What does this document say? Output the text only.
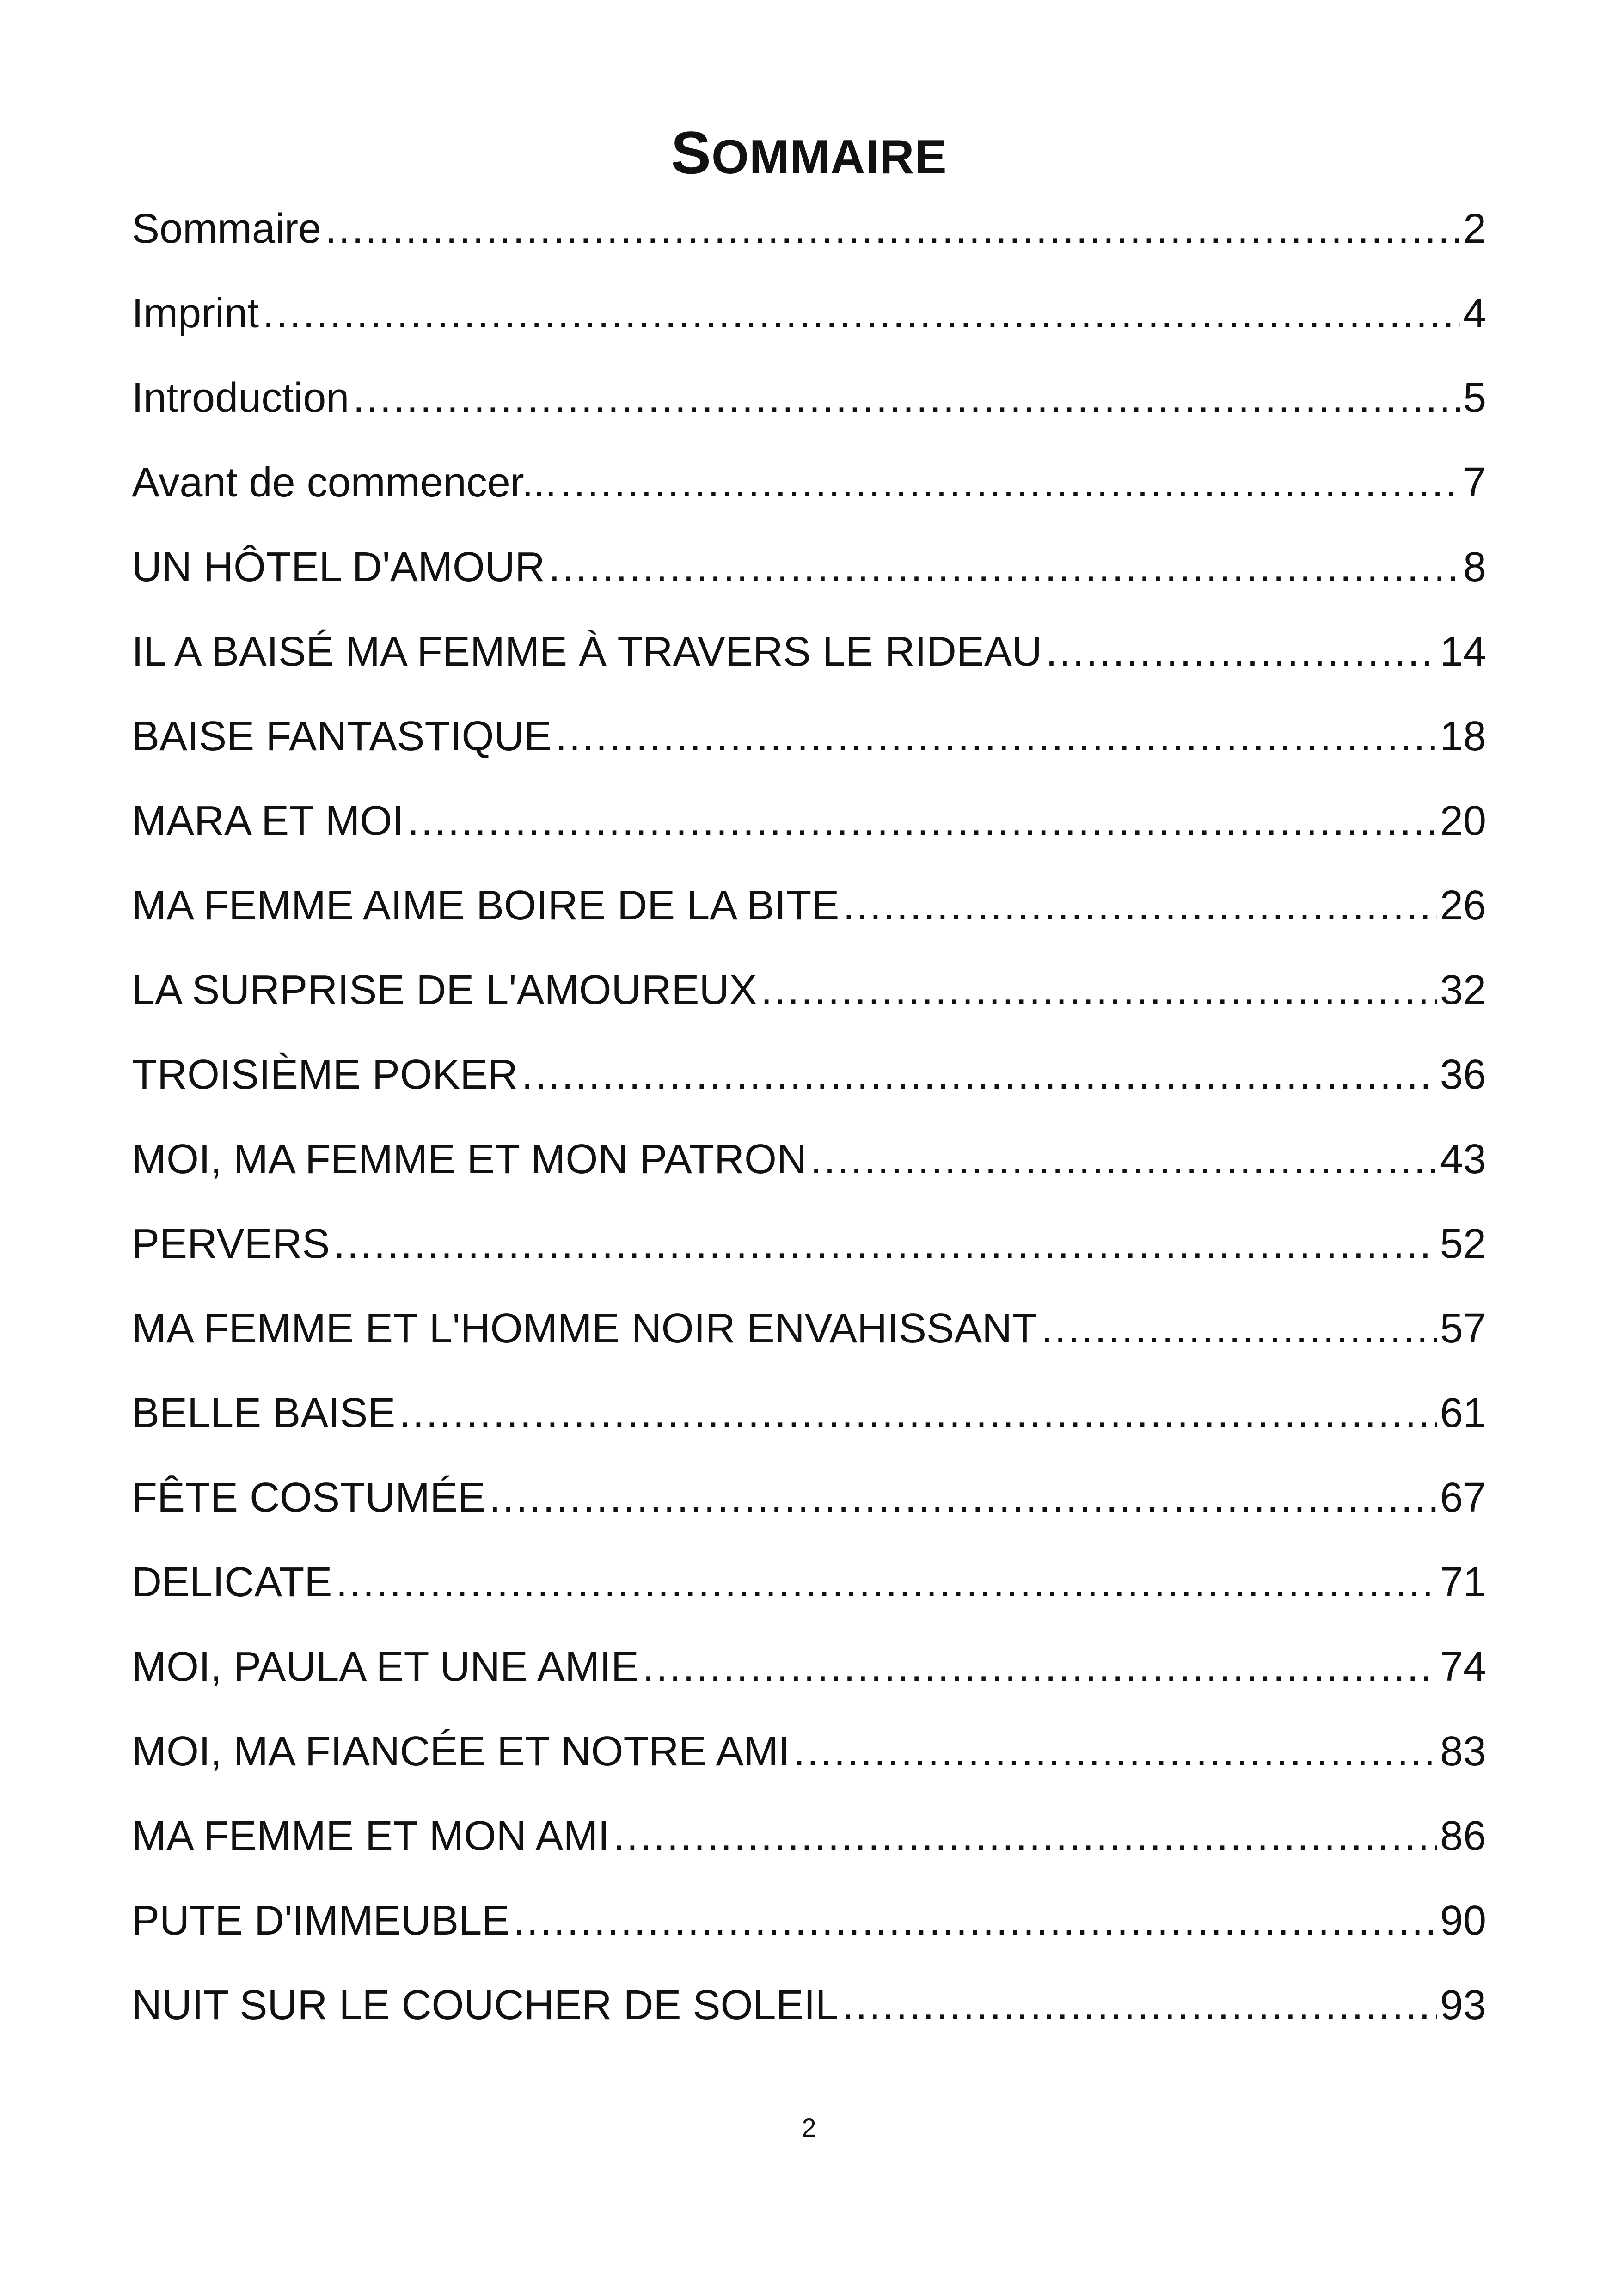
SOMMAIRE
Sommaire .....	2
Imprint .....	4
Introduction .....	5
Avant de commencer... .....	7
UN HÔTEL D'AMOUR .....	8
IL A BAISÉ MA FEMME À TRAVERS LE RIDEAU .....	14
BAISE FANTASTIQUE .....	18
MARA ET MOI .....	20
MA FEMME AIME BOIRE DE LA BITE .....	26
LA SURPRISE DE L'AMOUREUX .....	32
TROISIÈME POKER .....	36
MOI, MA FEMME ET MON PATRON .....	43
PERVERS .....	52
MA FEMME ET L'HOMME NOIR ENVAHISSANT .....	57
BELLE BAISE .....	61
FÊTE COSTUMÉE .....	67
DELICATE .....	71
MOI, PAULA ET UNE AMIE .....	74
MOI, MA FIANCÉE ET NOTRE AMI .....	83
MA FEMME ET MON AMI .....	86
PUTE D'IMMEUBLE .....	90
NUIT SUR LE COUCHER DE SOLEIL .....	93
2
